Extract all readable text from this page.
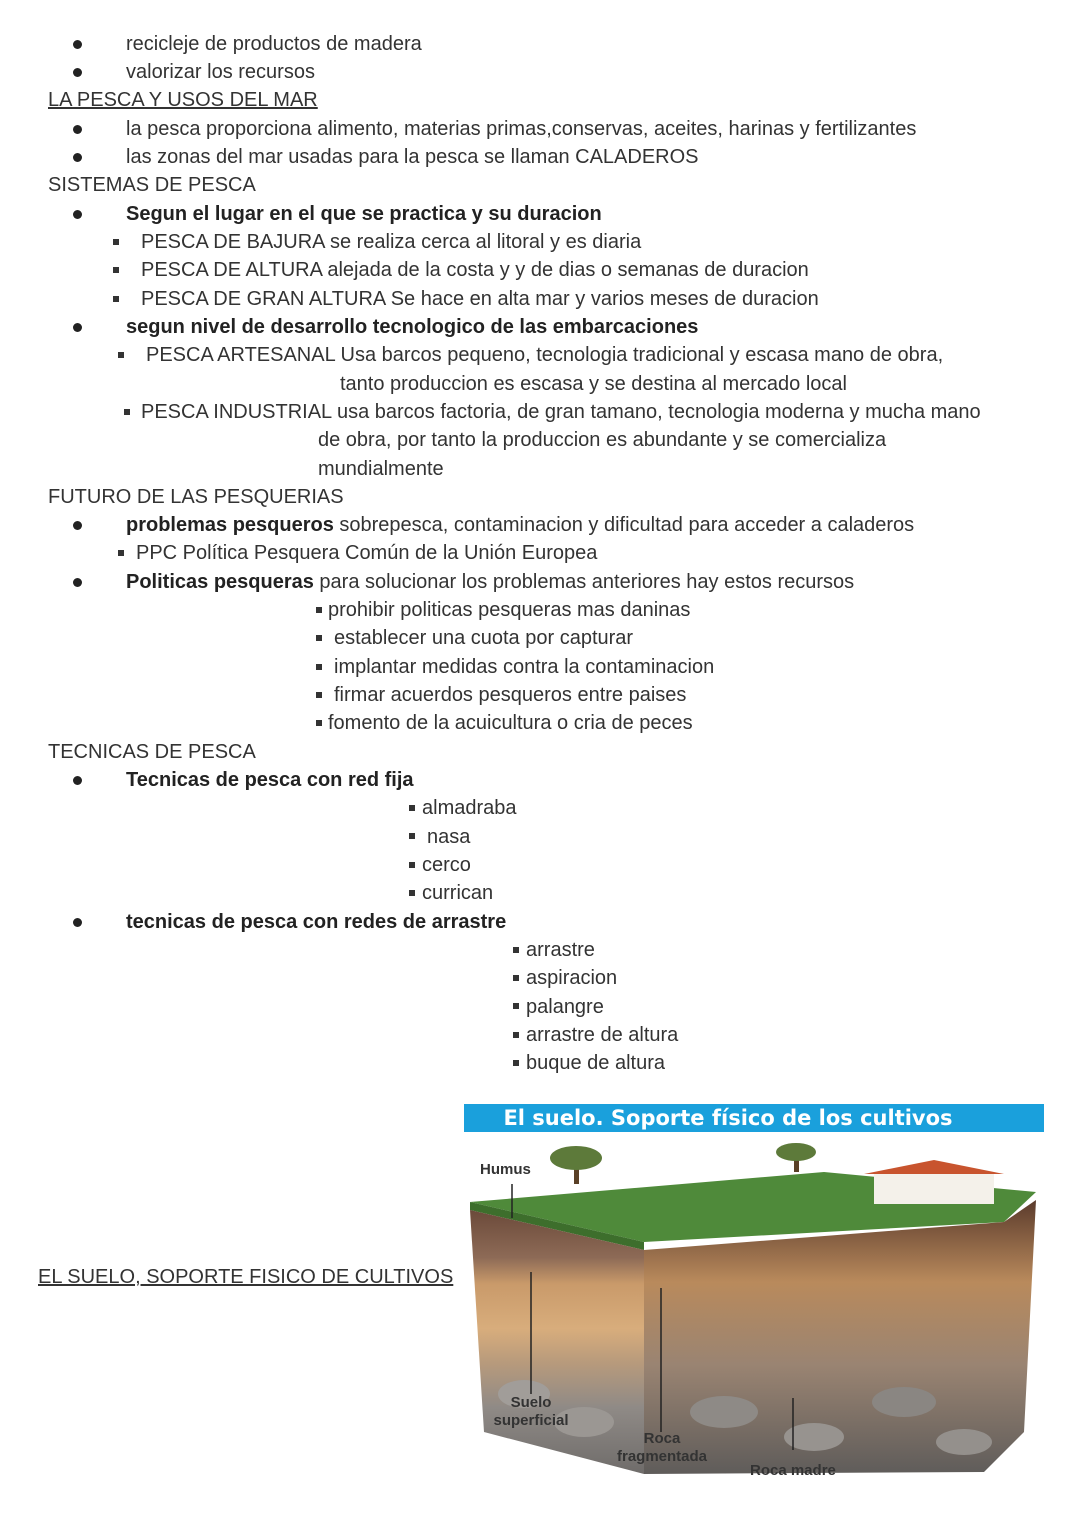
recicleje de productos de madera
valorizar los recursos
LA PESCA Y USOS DEL MAR
la pesca proporciona alimento, materias primas,conservas, aceites, harinas y fertilizantes
las zonas del mar usadas para la pesca se llaman CALADEROS
SISTEMAS DE PESCA
Segun el lugar en el que se practica y su duracion
PESCA DE BAJURA se realiza cerca al litoral y es diaria
PESCA DE ALTURA alejada de la costa y y de dias o semanas de duracion
PESCA DE GRAN ALTURA Se hace en alta mar y varios meses de duracion
segun nivel de desarrollo tecnologico de las embarcaciones
PESCA ARTESANAL Usa barcos pequeno, tecnologia tradicional y escasa mano de obra,
tanto produccion es escasa y se destina al mercado local
PESCA INDUSTRIAL usa barcos factoria, de gran tamano, tecnologia moderna y mucha mano
de obra, por tanto la produccion es abundante y se comercializa
mundialmente
FUTURO DE LAS PESQUERIAS
problemas pesqueros sobrepesca, contaminacion y dificultad para acceder a caladeros
PPC Política Pesquera Común de la Unión Europea
Politicas pesqueras para solucionar los problemas anteriores hay estos recursos
prohibir politicas pesqueras mas daninas
establecer una cuota por capturar
implantar medidas contra la contaminacion
firmar acuerdos pesqueros entre paises
fomento de la acuicultura o cria de peces
TECNICAS DE PESCA
Tecnicas de pesca con red fija
almadraba
nasa
cerco
currican
tecnicas de pesca con redes de arrastre
arrastre
aspiracion
palangre
arrastre de altura
buque de altura
EL SUELO, SOPORTE FISICO DE CULTIVOS
El suelo. Soporte físico de los cultivos
Humus
Suelo
superficial
Roca
fragmentada
Roca madre
